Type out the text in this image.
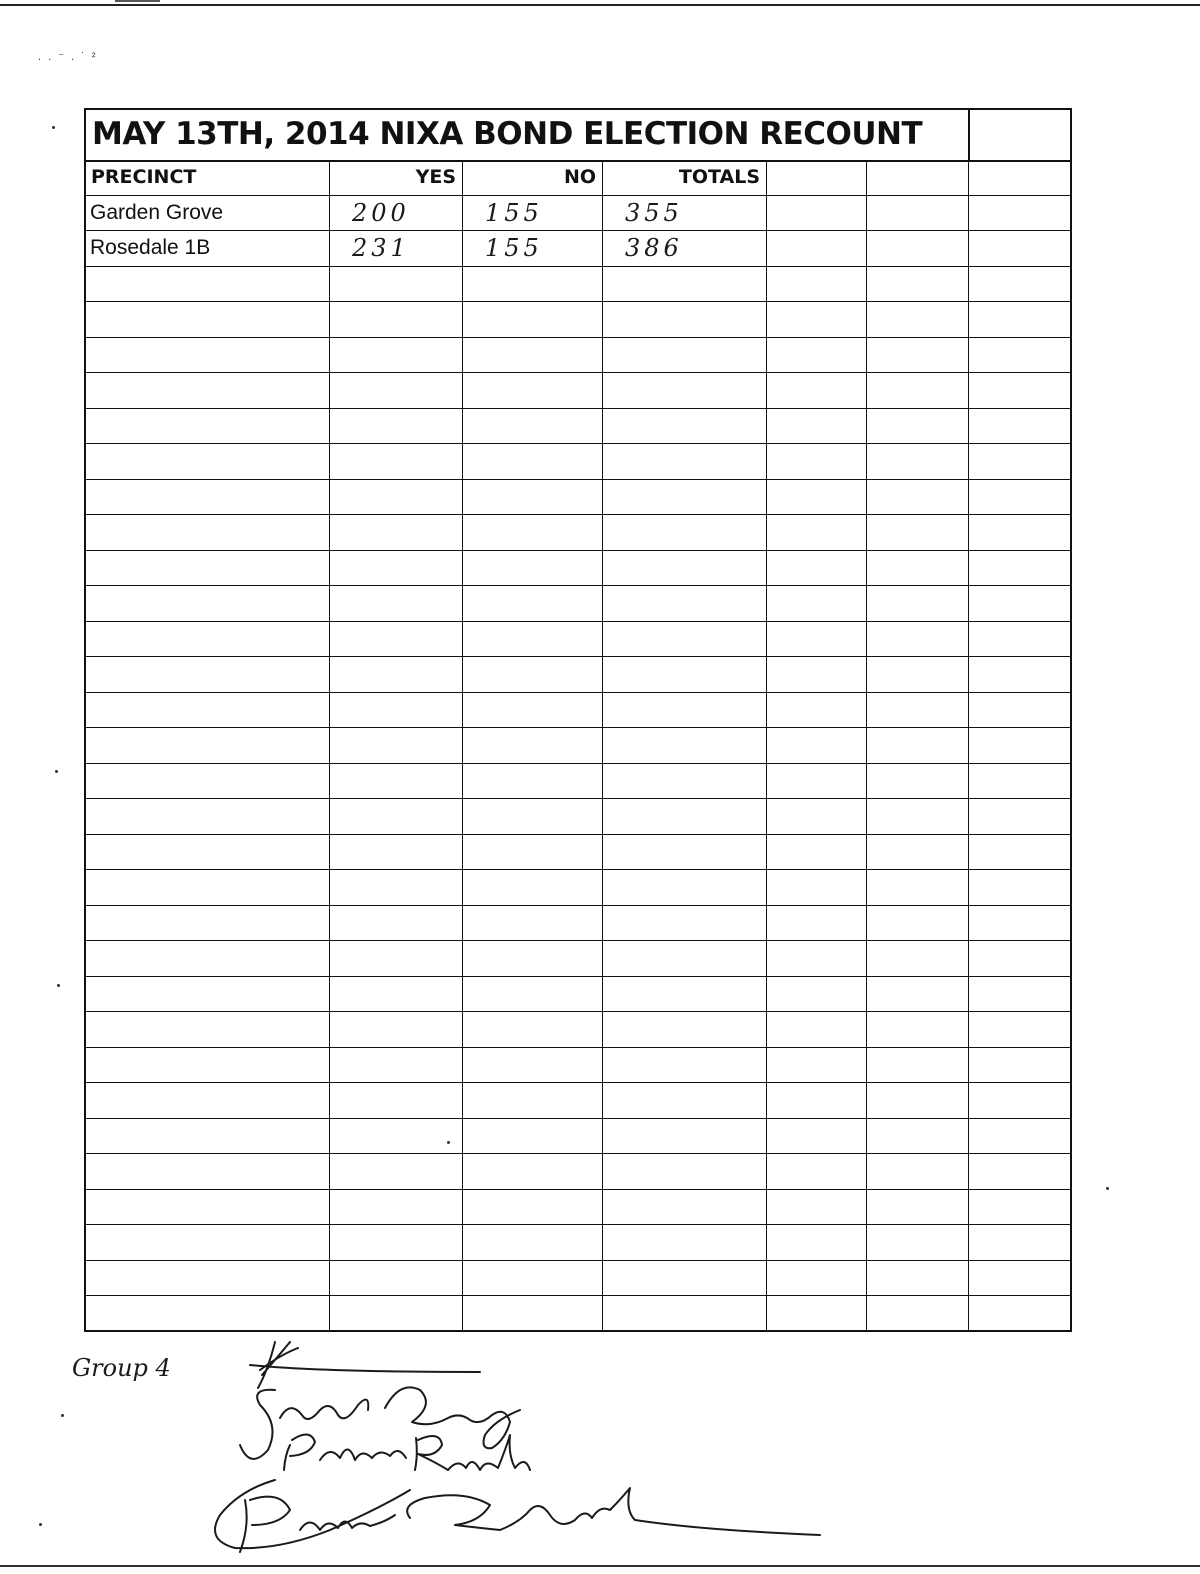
. . ⁻ . ˙ ²
MAY 13TH, 2014 NIXA BOND ELECTION RECOUNT
PRECINCT	YES	NO	TOTALS
Garden Grove	200	155	355
Rosedale 1B	231	155	386
Group 4
